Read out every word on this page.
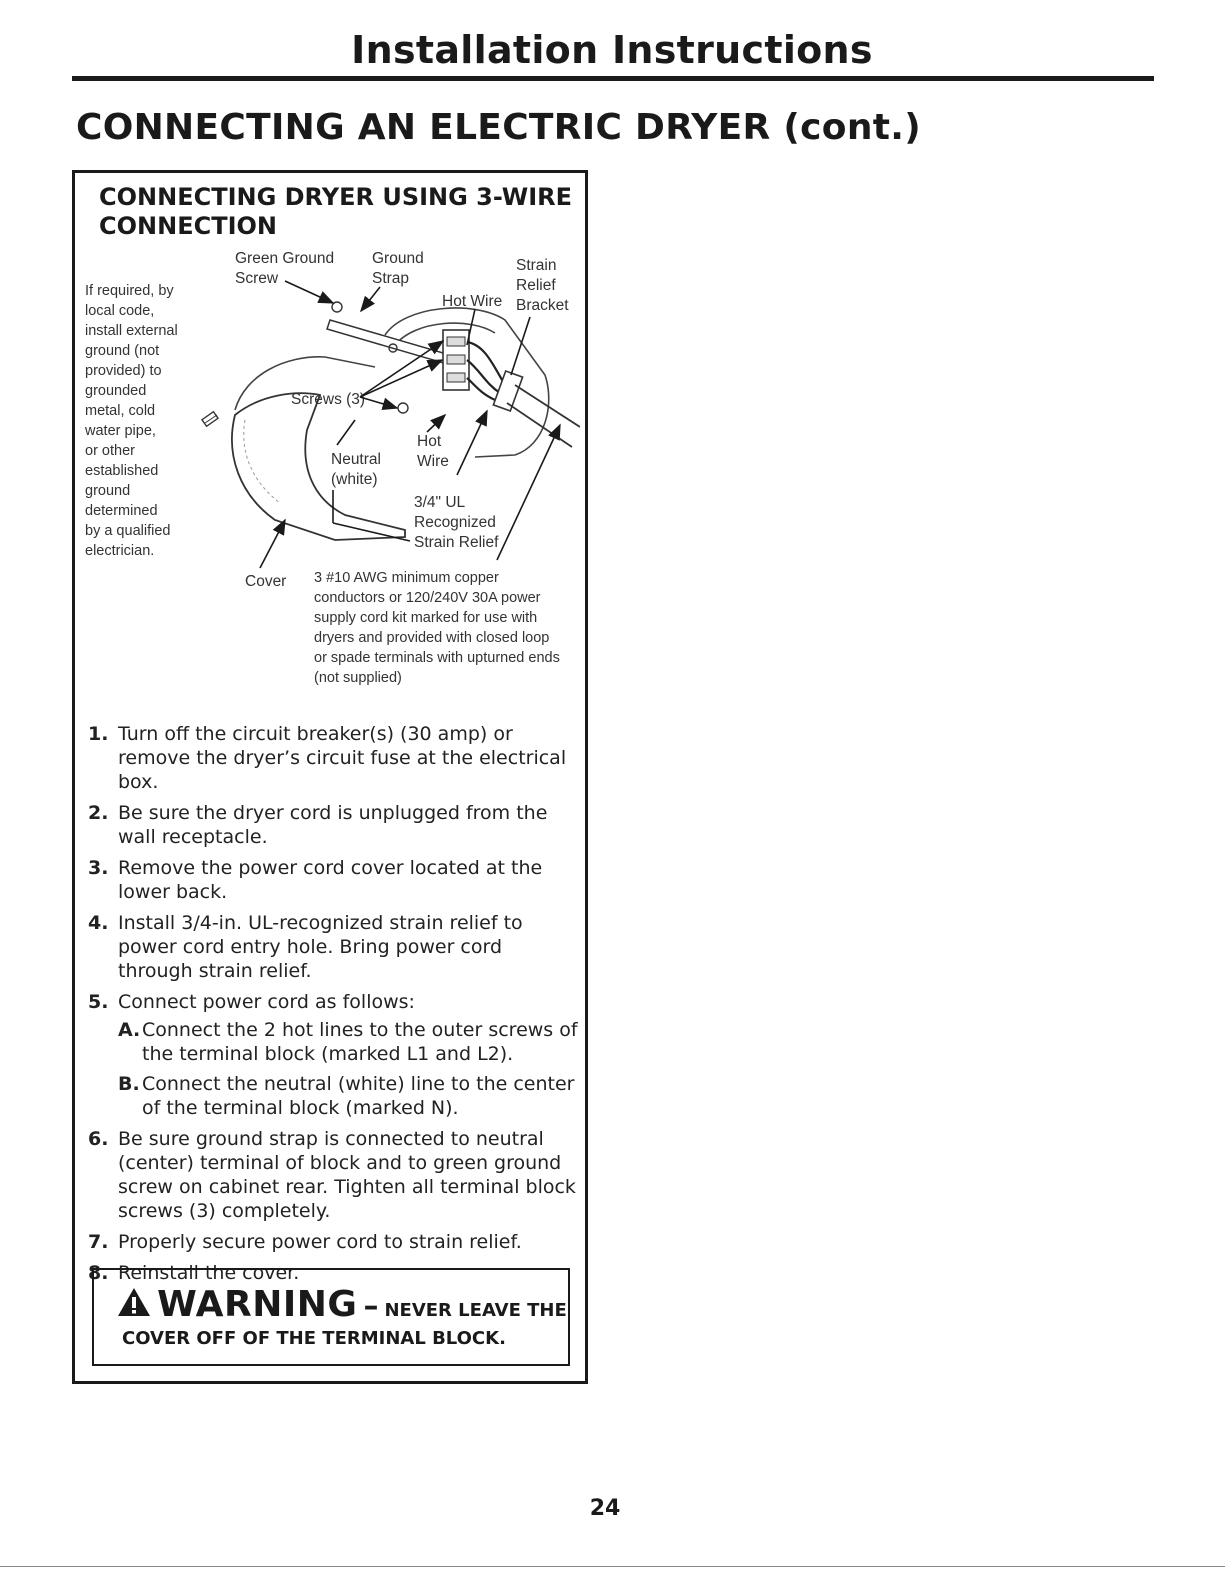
Installation Instructions
CONNECTING AN ELECTRIC DRYER (cont.)
CONNECTING DRYER USING 3-WIRE
CONNECTION
If required, by local code, install external ground (not provided) to grounded metal, cold water pipe, or other established ground determined by a qualified electrician.
Green Ground Screw
Ground Strap
Hot Wire
Strain Relief Bracket
Screws (3)
Neutral (white)
Hot Wire
3/4" UL Recognized Strain Relief
Cover 3 #10 AWG minimum copper conductors or 120/240V 30A power supply cord kit marked for use with dryers and provided with closed loop or spade terminals with upturned ends (not supplied)
1. Turn off the circuit breaker(s) (30 amp) or remove the dryer’s circuit fuse at the electrical box.
2. Be sure the dryer cord is unplugged from the wall receptacle.
3. Remove the power cord cover located at the lower back.
4. Install 3/4-in. UL-recognized strain relief to power cord entry hole. Bring power cord through strain relief.
5. Connect power cord as follows:
A. Connect the 2 hot lines to the outer screws of the terminal block (marked L1 and L2).
B. Connect the neutral (white) line to the center of the terminal block (marked N).
6. Be sure ground strap is connected to neutral (center) terminal of block and to green ground screw on cabinet rear. Tighten all terminal block screws (3) completely.
7. Properly secure power cord to strain relief.
8. Reinstall the cover.
WARNING – NEVER LEAVE THE
COVER OFF OF THE TERMINAL BLOCK.
24
